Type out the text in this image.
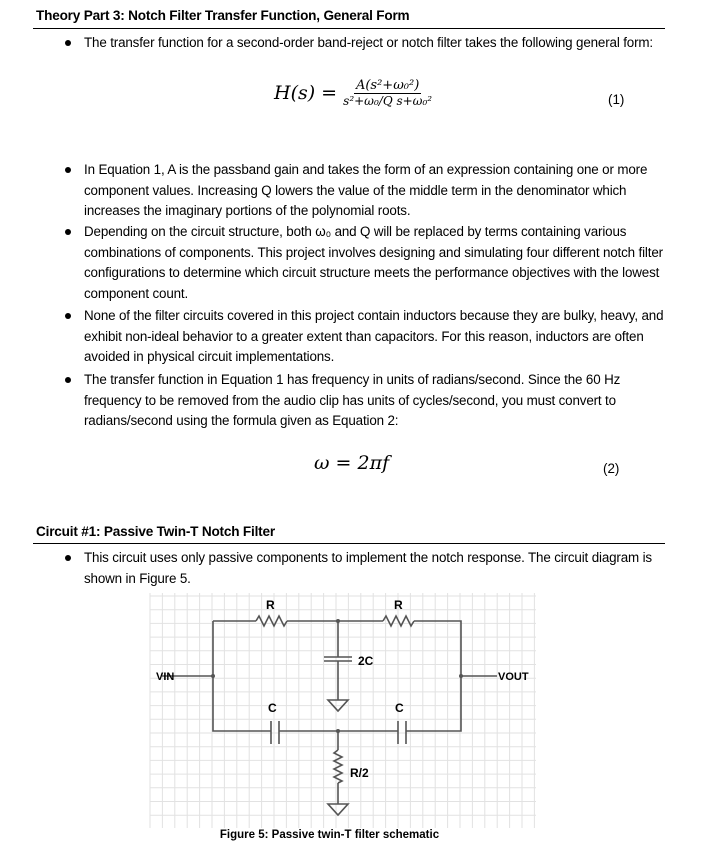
Theory Part 3: Notch Filter Transfer Function, General Form
The transfer function for a second-order band-reject or notch filter takes the following general form:
$H(s) = \frac{\text{A(s²+ω₀²)}}{\text{s²+ω₀/Q s+ω₀²}}$	(1)
In Equation 1, A is the passband gain and takes the form of an expression containing one or more component values. Increasing Q lowers the value of the middle term in the denominator which increases the imaginary portions of the polynomial roots.
Depending on the circuit structure, both ω₀ and Q will be replaced by terms containing various combinations of components. This project involves designing and simulating four different notch filter configurations to determine which circuit structure meets the performance objectives with the lowest component count.
None of the filter circuits covered in this project contain inductors because they are bulky, heavy, and exhibit non-ideal behavior to a greater extent than capacitors. For this reason, inductors are often avoided in physical circuit implementations.
The transfer function in Equation 1 has frequency in units of radians/second. Since the 60 Hz frequency to be removed from the audio clip has units of cycles/second, you must convert to radians/second using the formula given as Equation 2:
ω = 2πf	(2)
Circuit #1: Passive Twin-T Notch Filter
This circuit uses only passive components to implement the notch response. The circuit diagram is shown in Figure 5.
R	R
2C
C	C
R/2
VIN	VOUT
Figure 5: Passive twin-T filter schematic
